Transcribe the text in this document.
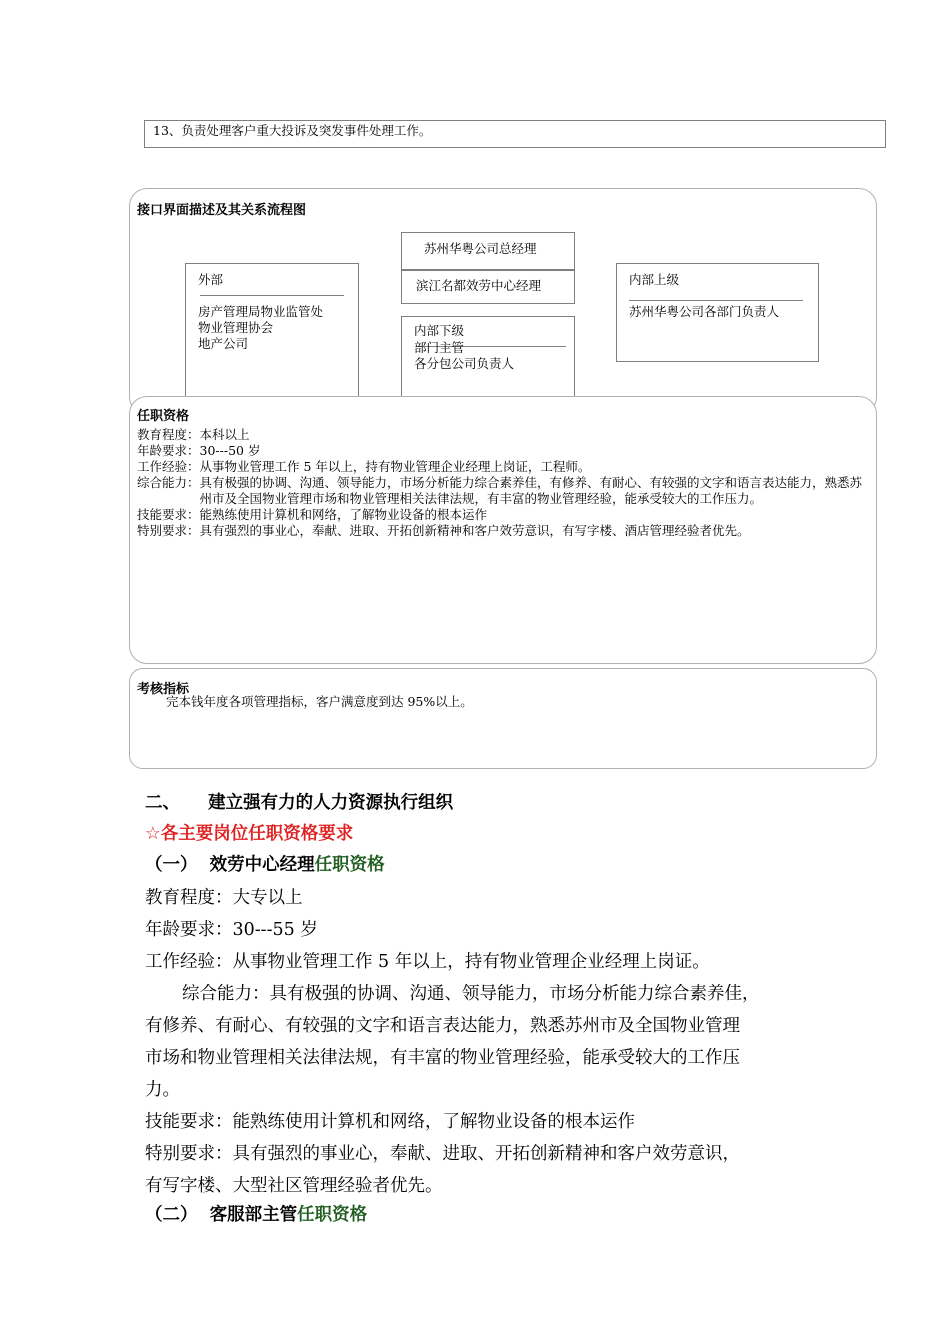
13、负责处理客户重大投诉及突发事件处理工作。
接口界面描述及其关系流程图
外部
房产管理局物业监管处
物业管理协会
地产公司
苏州华粤公司总经理
滨江名都效劳中心经理
内部下级
部门主管
各分包公司负责人
内部上级
苏州华粤公司各部门负责人
任职资格
教育程度： 本科以上
年龄要求： 30---50 岁
工作经验： 从事物业管理工作 5 年以上，持有物业管理企业经理上岗证，工程师。
综合能力： 具有极强的协调、沟通、领导能力，市场分析能力综合素养佳，有修养、有耐心、有较强的文字和语言表达能力，熟悉苏州市及全国物业管理市场和物业管理相关法律法规，有丰富的物业管理经验，能承受较大的工作压力。
技能要求： 能熟练使用计算机和网络，了解物业设备的根本运作
特别要求： 具有强烈的事业心，奉献、进取、开拓创新精神和客户效劳意识，有写字楼、酒店管理经验者优先。
考核指标
完本钱年度各项管理指标，客户满意度到达 95%以上。
二、 建立强有力的人力资源执行组织
☆各主要岗位任职资格要求
（一） 效劳中心经理任职资格
教育程度：大专以上
年龄要求：30---55 岁
工作经验：从事物业管理工作 5 年以上，持有物业管理企业经理上岗证。
综合能力：具有极强的协调、沟通、领导能力，市场分析能力综合素养佳，
有修养、有耐心、有较强的文字和语言表达能力，熟悉苏州市及全国物业管理
市场和物业管理相关法律法规，有丰富的物业管理经验，能承受较大的工作压
力。
技能要求：能熟练使用计算机和网络，了解物业设备的根本运作
特别要求：具有强烈的事业心，奉献、进取、开拓创新精神和客户效劳意识，
有写字楼、大型社区管理经验者优先。
（二） 客服部主管任职资格
